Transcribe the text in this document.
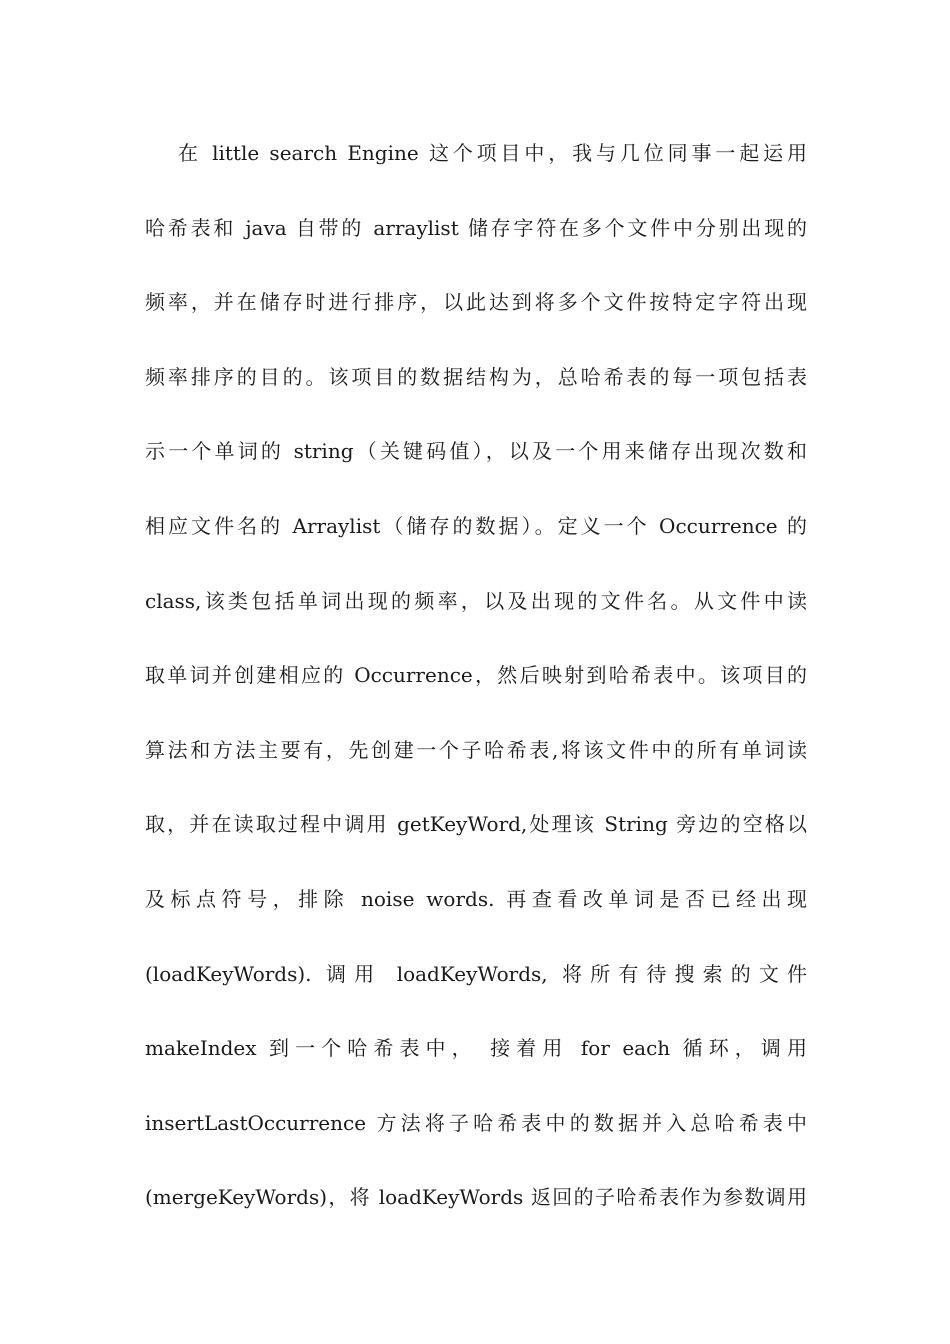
在 little search Engine 这个项目中，我与几位同事一起运用
哈希表和 java 自带的 arraylist 储存字符在多个文件中分别出现的
频率，并在储存时进行排序，以此达到将多个文件按特定字符出现
频率排序的目的。该项目的数据结构为，总哈希表的每一项包括表
示一个单词的 string（关键码值），以及一个用来储存出现次数和
相应文件名的 Arraylist（储存的数据）。定义一个 Occurrence 的
class,该类包括单词出现的频率，以及出现的文件名。从文件中读
取单词并创建相应的 Occurrence，然后映射到哈希表中。该项目的
算法和方法主要有，先创建一个子哈希表,将该文件中的所有单词读
取，并在读取过程中调用 getKeyWord,处理该 String 旁边的空格以
及标点符号，排除 noise words. 再查看改单词是否已经出现
(loadKeyWords). 调用 loadKeyWords, 将所有待搜索的文件
makeIndex 到一个哈希表中， 接着用 for each 循环，调用
insertLastOccurrence 方法将子哈希表中的数据并入总哈希表中
(mergeKeyWords)，将 loadKeyWords 返回的子哈希表作为参数调用
